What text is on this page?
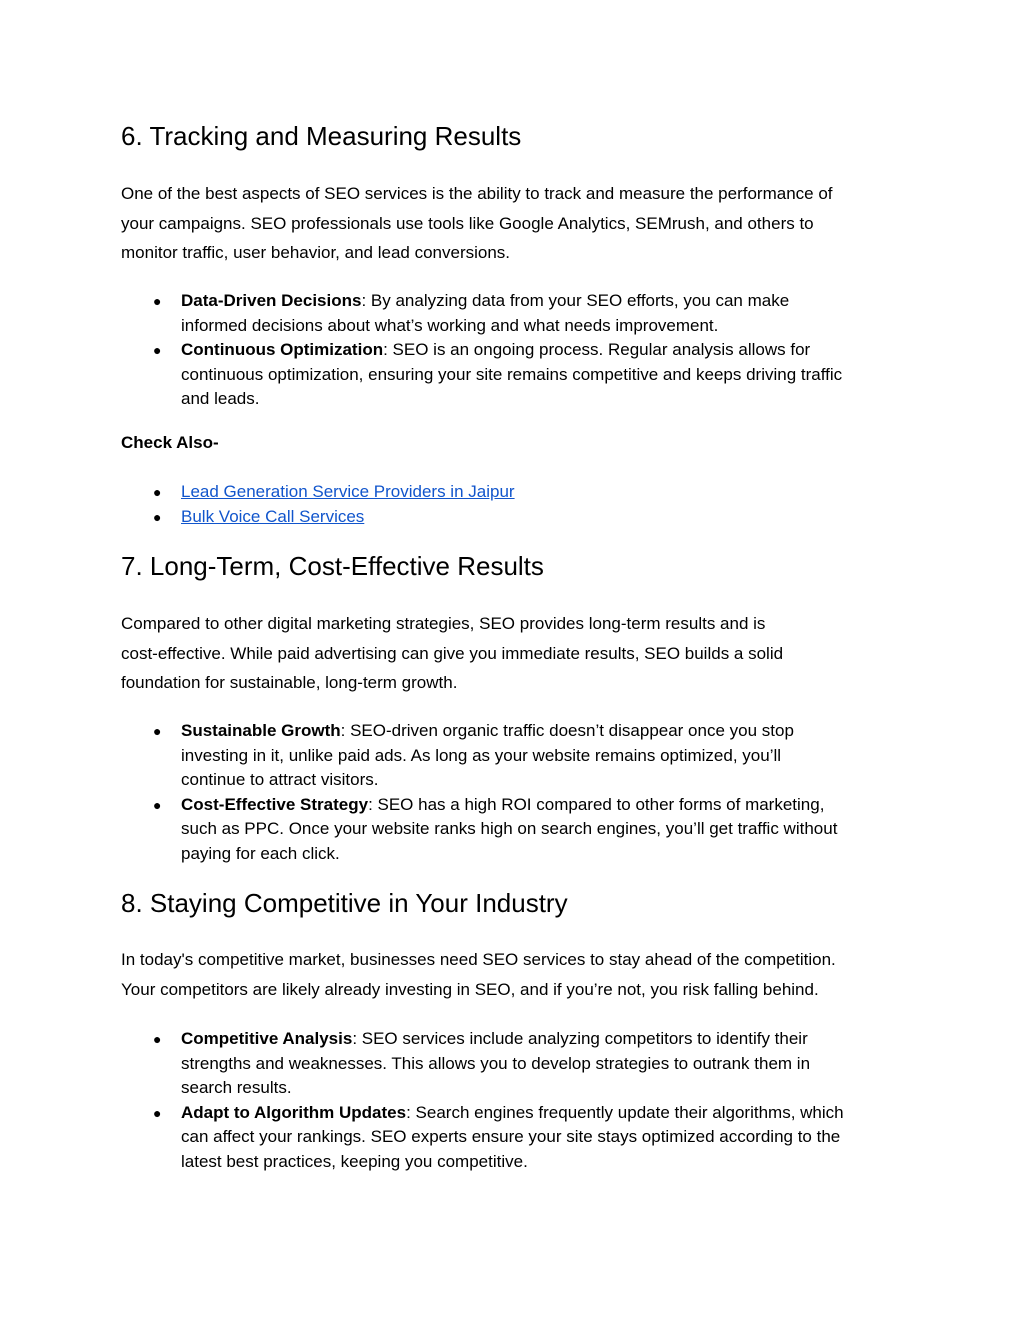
6. Tracking and Measuring Results

One of the best aspects of SEO services is the ability to track and measure the performance of
your campaigns. SEO professionals use tools like Google Analytics, SEMrush, and others to
monitor traffic, user behavior, and lead conversions.

● Data-Driven Decisions: By analyzing data from your SEO efforts, you can make
informed decisions about what’s working and what needs improvement.
● Continuous Optimization: SEO is an ongoing process. Regular analysis allows for
continuous optimization, ensuring your site remains competitive and keeps driving traffic
and leads.

Check Also-

● Lead Generation Service Providers in Jaipur
● Bulk Voice Call Services
7. Long-Term, Cost-Effective Results

Compared to other digital marketing strategies, SEO provides long-term results and is
cost-effective. While paid advertising can give you immediate results, SEO builds a solid
foundation for sustainable, long-term growth.

● Sustainable Growth: SEO-driven organic traffic doesn’t disappear once you stop
investing in it, unlike paid ads. As long as your website remains optimized, you’ll
continue to attract visitors.
● Cost-Effective Strategy: SEO has a high ROI compared to other forms of marketing,
such as PPC. Once your website ranks high on search engines, you’ll get traffic without
paying for each click.
8. Staying Competitive in Your Industry

In today's competitive market, businesses need SEO services to stay ahead of the competition.
Your competitors are likely already investing in SEO, and if you’re not, you risk falling behind.

● Competitive Analysis: SEO services include analyzing competitors to identify their
strengths and weaknesses. This allows you to develop strategies to outrank them in
search results.
● Adapt to Algorithm Updates: Search engines frequently update their algorithms, which
can affect your rankings. SEO experts ensure your site stays optimized according to the
latest best practices, keeping you competitive.
